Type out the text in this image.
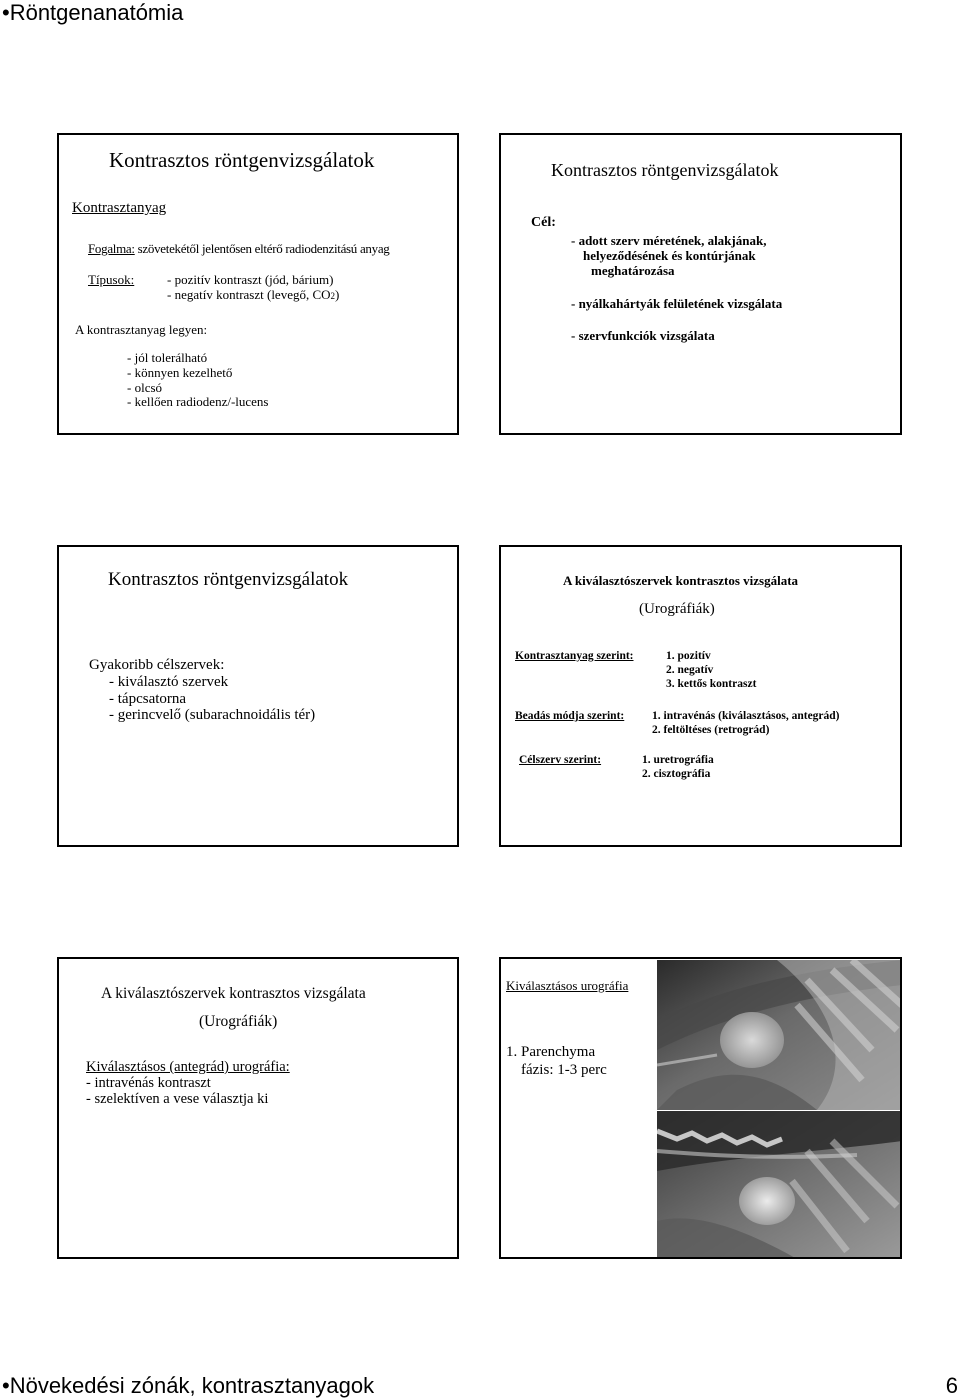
•Röntgenanatómia
Kontrasztos röntgenvizsgálatok
Kontrasztanyag
Fogalma: szövetekétől jelentősen eltérő radiodenzitású anyag
Típusok:	- pozitív kontraszt (jód, bárium)
- negatív kontraszt (levegő, CO2)
A kontrasztanyag legyen:
- jól tolerálható
- könnyen kezelhető
- olcsó
- kellően radiodenz/-lucens
Kontrasztos röntgenvizsgálatok
Cél:
- adott szerv méretének, alakjának,
helyeződésének és kontúrjának
meghatározása
- nyálkahártyák felületének vizsgálata
- szervfunkciók vizsgálata
Kontrasztos röntgenvizsgálatok
Gyakoribb célszervek:
- kiválasztó szervek
- tápcsatorna
- gerincvelő (subarachnoidális tér)
A kiválasztószervek kontrasztos vizsgálata
(Urográfiák)
Kontrasztanyag szerint:	1. pozitív
2. negatív
3. kettős kontraszt
Beadás módja szerint: 1. intravénás (kiválasztásos, antegrád)
2. feltöltéses (retrográd)
Célszerv szerint:	1. uretrográfia
2. cisztográfia
A kiválasztószervek kontrasztos vizsgálata
(Urográfiák)
Kiválasztásos (antegrád) urográfia:
- intravénás kontraszt
- szelektíven a vese választja ki
Kiválasztásos urográfia
1. Parenchyma
fázis: 1-3 perc
•Növekedési zónák, kontrasztanyagok	6
